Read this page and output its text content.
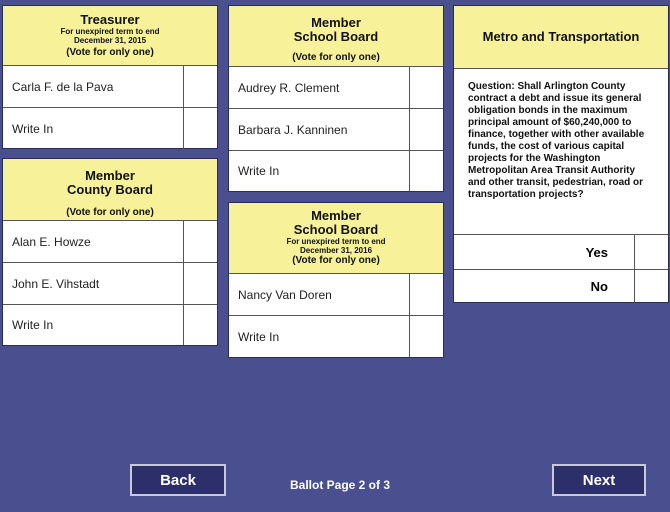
Treasurer
For unexpired term to end
December 31, 2015
(Vote for only one)
Carla F. de la Pava
Write In
Member
County Board
(Vote for only one)
Alan E. Howze
John E. Vihstadt
Write In
Member
School Board
(Vote for only one)
Audrey R. Clement
Barbara J. Kanninen
Write In
Member
School Board
For unexpired term to end
December 31, 2016
(Vote for only one)
Nancy Van Doren
Write In
Metro and Transportation
Question: Shall Arlington County contract a debt and issue its general obligation bonds in the maximum principal amount of $60,240,000 to finance, together with other available funds, the cost of various capital projects for the Washington Metropolitan Area Transit Authority and other transit, pedestrian, road or transportation projects?
Yes
No
Back	Ballot Page 2 of 3	Next
